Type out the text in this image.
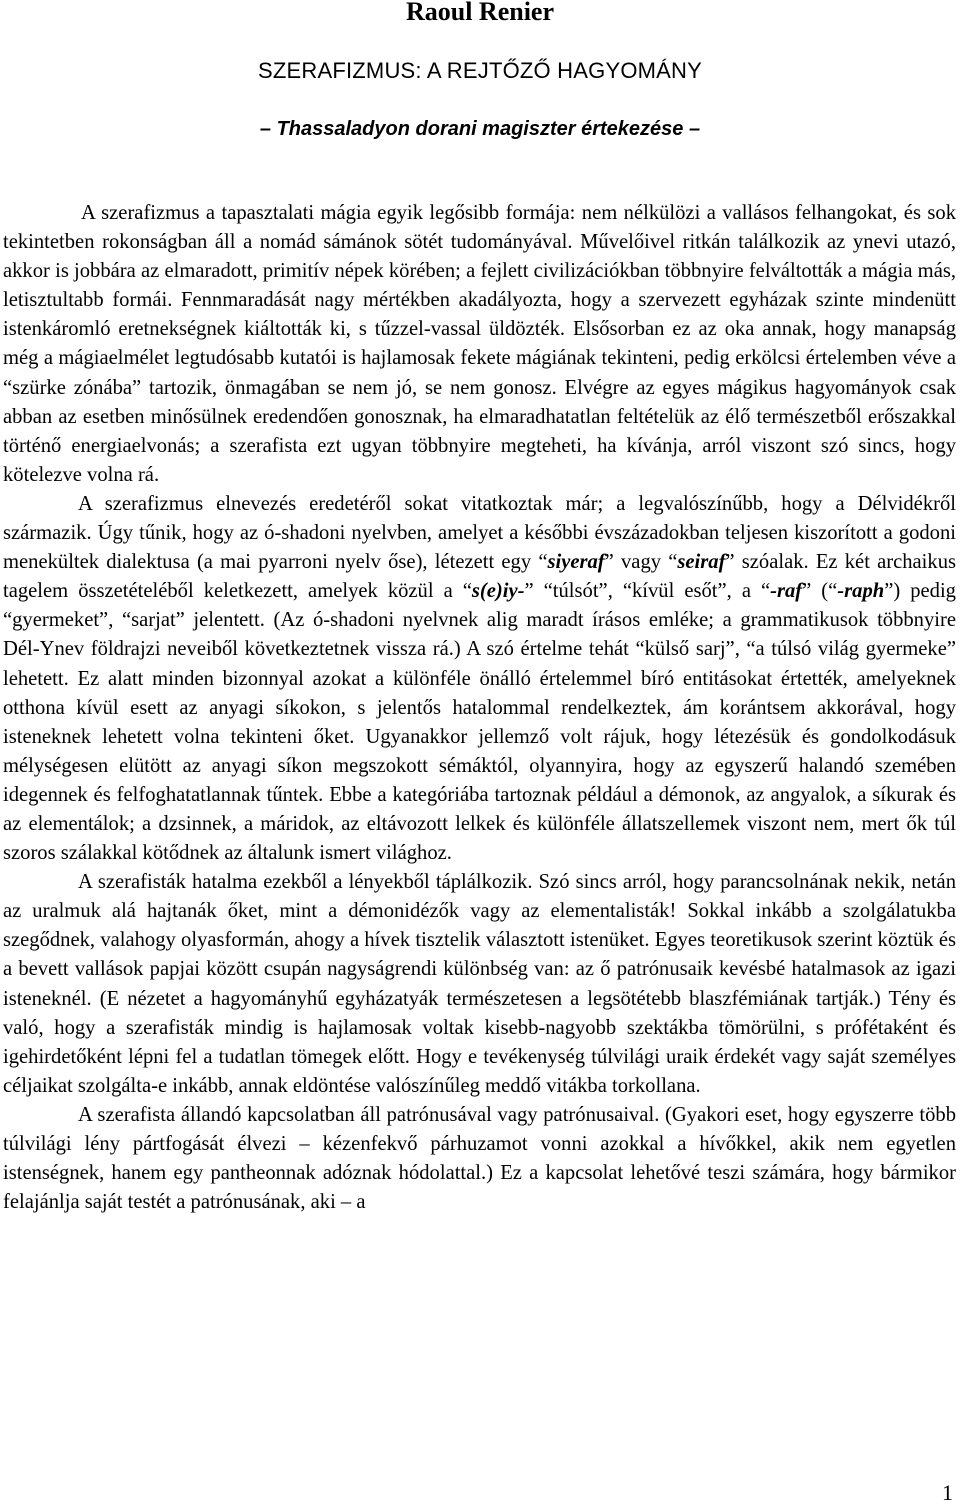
Raoul Renier
SZERAFIZMUS: A REJTŐZŐ HAGYOMÁNY
– Thassaladyon dorani magiszter értekezése –

A szerafizmus a tapasztalati mágia egyik legősibb formája: nem nélkülözi a vallásos felhangokat, és sok tekintetben rokonságban áll a nomád sámánok sötét tudományával. Művelőivel ritkán találkozik az ynevi utazó, akkor is jobbára az elmaradott, primitív népek körében; a fejlett civilizációkban többnyire felváltották a mágia más, letisztultabb formái. Fennmaradását nagy mértékben akadályozta, hogy a szervezett egyházak szinte mindenütt istenkáromló eretnekségnek kiáltották ki, s tűzzel-vassal üldözték. Elsősorban ez az oka annak, hogy manapság még a mágiaelmélet legtudósabb kutatói is hajlamosak fekete mágiának tekinteni, pedig erkölcsi értelemben véve a “szürke zónába” tartozik, önmagában se nem jó, se nem gonosz. Elvégre az egyes mágikus hagyományok csak abban az esetben minősülnek eredendően gonosznak, ha elmaradhatatlan feltételük az élő természetből erőszakkal történő energiaelvonás; a szerafista ezt ugyan többnyire megteheti, ha kívánja, arról viszont szó sincs, hogy kötelezve volna rá.

A szerafizmus elnevezés eredetéről sokat vitatkoztak már; a legvalószínűbb, hogy a Délvidékről származik. Úgy tűnik, hogy az ó-shadoni nyelvben, amelyet a későbbi évszázadokban teljesen kiszorított a godoni menekültek dialektusa (a mai pyarroni nyelv őse), létezett egy “siyeraf” vagy “seiraf” szóalak. Ez két archaikus tagelem összetételéből keletkezett, amelyek közül a “s(e)iy-” “túlsót”, “kívül esőt”, a “-raf” (“-raph”) pedig “gyermeket”, “sarjat” jelentett. (Az ó-shadoni nyelvnek alig maradt írásos emléke; a grammatikusok többnyire Dél-Ynev földrajzi neveiből következtetnek vissza rá.) A szó értelme tehát “külső sarj”, “a túlsó világ gyermeke” lehetett. Ez alatt minden bizonnyal azokat a különféle önálló értelemmel bíró entitásokat értették, amelyeknek otthona kívül esett az anyagi síkokon, s jelentős hatalommal rendelkeztek, ám korántsem akkorával, hogy isteneknek lehetett volna tekinteni őket. Ugyanakkor jellemző volt rájuk, hogy létezésük és gondolkodásuk mélységesen elütött az anyagi síkon megszokott sémáktól, olyannyira, hogy az egyszerű halandó szemében idegennek és felfoghatatlannak tűntek. Ebbe a kategóriába tartoznak például a démonok, az angyalok, a síkurak és az elementálok; a dzsinnek, a máridok, az eltávozott lelkek és különféle állatszellemek viszont nem, mert ők túl szoros szálakkal kötődnek az általunk ismert világhoz.

A szerafisták hatalma ezekből a lényekből táplálkozik. Szó sincs arról, hogy parancsolnának nekik, netán az uralmuk alá hajtanák őket, mint a démonidézők vagy az elementalisták! Sokkal inkább a szolgálatukba szegődnek, valahogy olyasformán, ahogy a hívek tisztelik választott istenüket. Egyes teoretikusok szerint köztük és a bevett vallások papjai között csupán nagyságrendi különbség van: az ő patrónusaik kevésbé hatalmasok az igazi isteneknél. (E nézetet a hagyományhű egyházatyák természetesen a legsötétebb blaszfémiának tartják.) Tény és való, hogy a szerafisták mindig is hajlamosak voltak kisebb-nagyobb szektákba tömörülni, s prófétaként és igehirdetőként lépni fel a tudatlan tömegek előtt. Hogy e tevékenység túlvilági uraik érdekét vagy saját személyes céljaikat szolgálta-e inkább, annak eldöntése valószínűleg meddő vitákba torkollana.

A szerafista állandó kapcsolatban áll patrónusával vagy patrónusaival. (Gyakori eset, hogy egyszerre több túlvilági lény pártfogását élvezi – kézenfekvő párhuzamot vonni azokkal a hívőkkel, akik nem egyetlen istenségnek, hanem egy pantheonnak adóznak hódolattal.) Ez a kapcsolat lehetővé teszi számára, hogy bármikor felajánlja saját testét a patrónusának, aki – a

1
